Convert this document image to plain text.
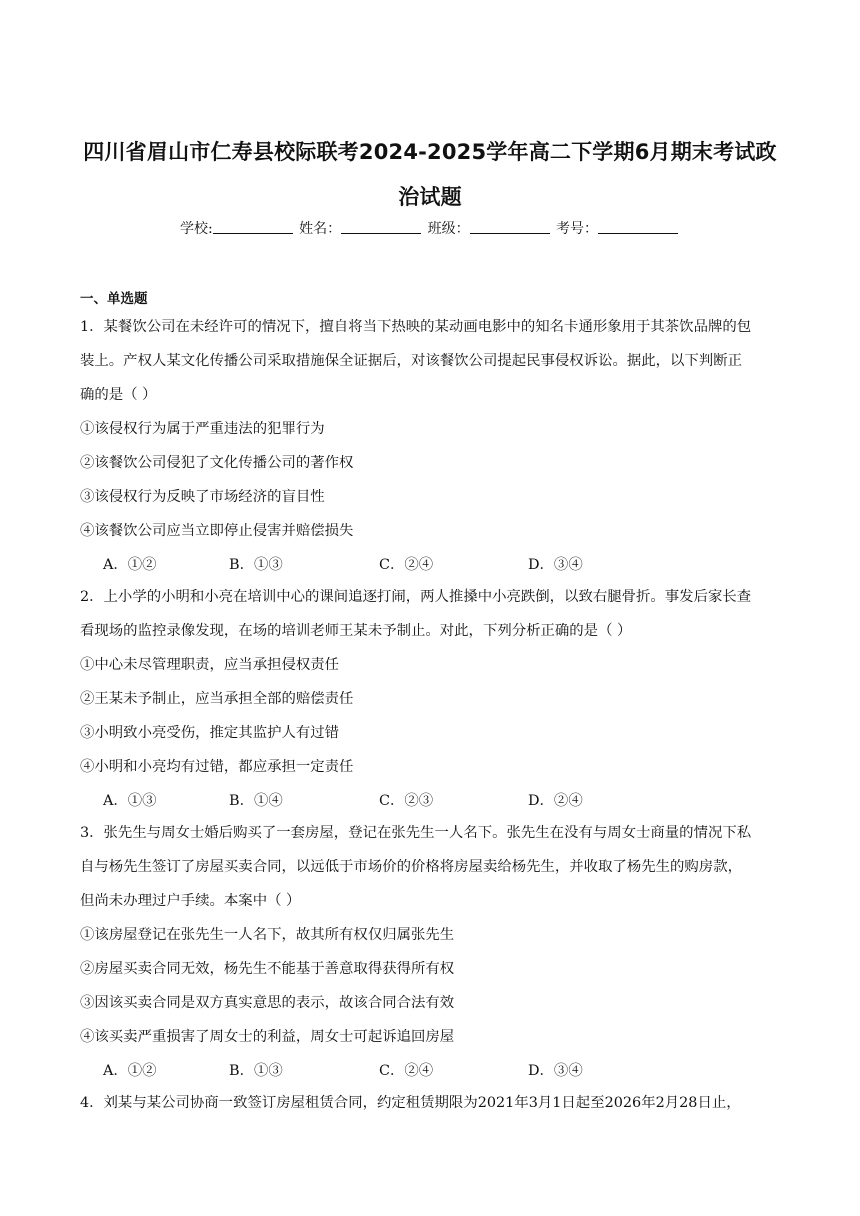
四川省眉山市仁寿县校际联考2024-2025学年高二下学期6月期末考试政
治试题
学校:	姓名：	班级：	考号：
一、单选题
1．某餐饮公司在未经许可的情况下，擅自将当下热映的某动画电影中的知名卡通形象用于其茶饮品牌的包
装上。产权人某文化传播公司采取措施保全证据后，对该餐饮公司提起民事侵权诉讼。据此，以下判断正
确的是（ ）
①该侵权行为属于严重违法的犯罪行为
②该餐饮公司侵犯了文化传播公司的著作权
③该侵权行为反映了市场经济的盲目性
④该餐饮公司应当立即停止侵害并赔偿损失
A．①②	B．①③	C．②④	D．③④
2．上小学的小明和小亮在培训中心的课间追逐打闹，两人推搡中小亮跌倒，以致右腿骨折。事发后家长查
看现场的监控录像发现，在场的培训老师王某未予制止。对此，下列分析正确的是（ ）
①中心未尽管理职责，应当承担侵权责任
②王某未予制止，应当承担全部的赔偿责任
③小明致小亮受伤，推定其监护人有过错
④小明和小亮均有过错，都应承担一定责任
A．①③	B．①④	C．②③	D．②④
3．张先生与周女士婚后购买了一套房屋，登记在张先生一人名下。张先生在没有与周女士商量的情况下私
自与杨先生签订了房屋买卖合同，以远低于市场价的价格将房屋卖给杨先生，并收取了杨先生的购房款，
但尚未办理过户手续。本案中（ ）
①该房屋登记在张先生一人名下，故其所有权仅归属张先生
②房屋买卖合同无效，杨先生不能基于善意取得获得所有权
③因该买卖合同是双方真实意思的表示，故该合同合法有效
④该买卖严重损害了周女士的利益，周女士可起诉追回房屋
A．①②	B．①③	C．②④	D．③④
4．刘某与某公司协商一致签订房屋租赁合同，约定租赁期限为2021年3月1日起至2026年2月28日止，
